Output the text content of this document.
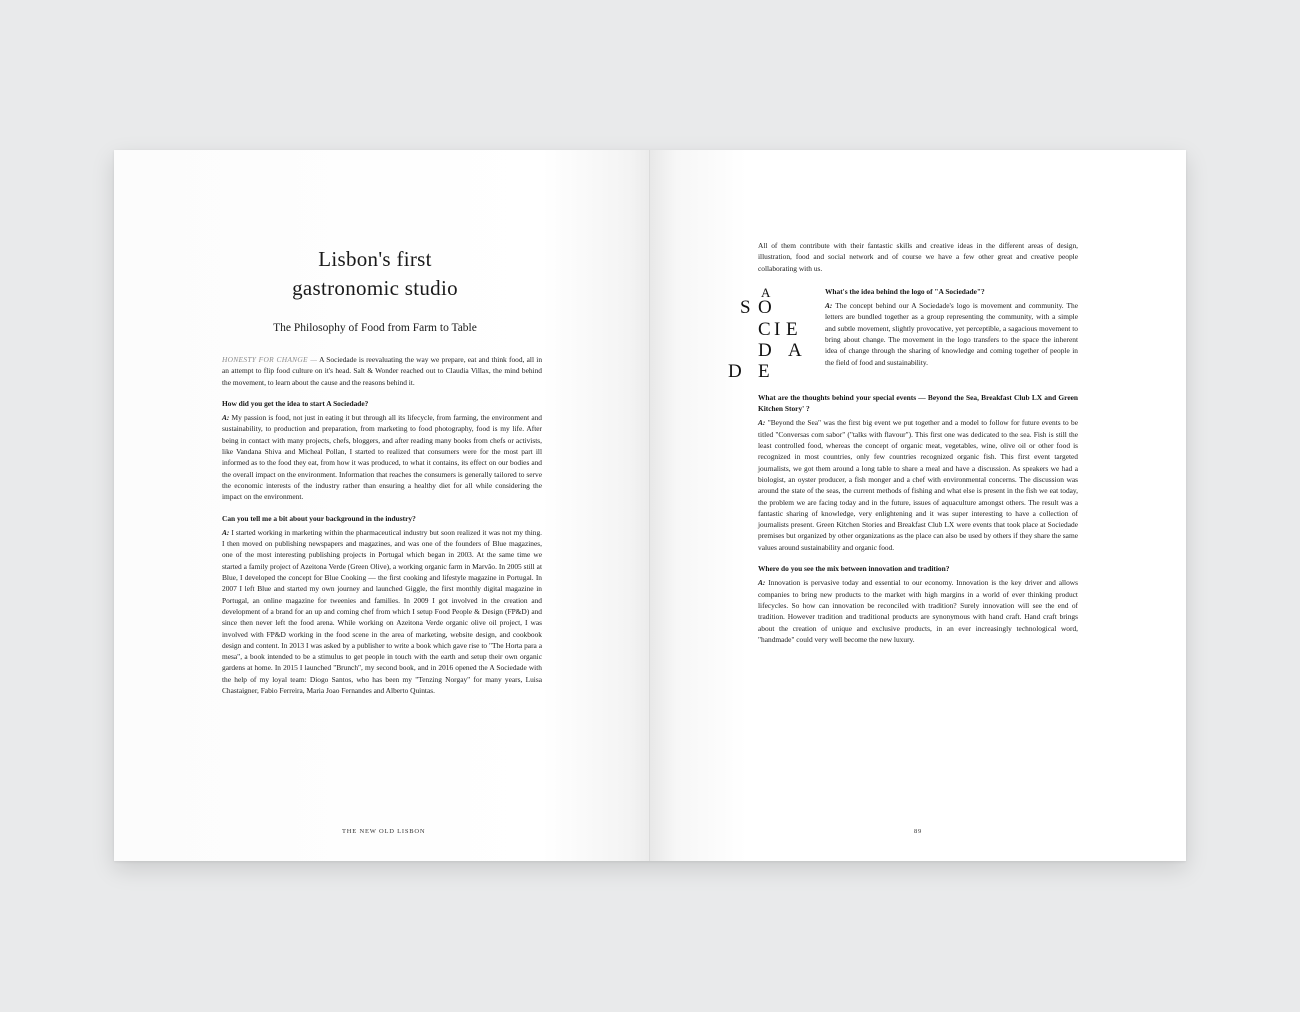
Lisbon's first
gastronomic studio
The Philosophy of Food from Farm to Table

HONESTY FOR CHANGE — A Sociedade is reevaluating the way we prepare, eat and think food, all in an attempt to flip food culture on it's head. Salt & Wonder reached out to Claudia Villax, the mind behind the movement, to learn about the cause and the reasons behind it.

How did you get the idea to start A Sociedade?

A: My passion is food, not just in eating it but through all its lifecycle, from farming, the environment and sustainability, to production and preparation, from marketing to food photography, food is my life. After being in contact with many projects, chefs, bloggers, and after reading many books from chefs or activists, like Vandana Shiva and Micheal Pollan, I started to realized that consumers were for the most part ill informed as to the food they eat, from how it was produced, to what it contains, its effect on our bodies and the overall impact on the environment. Information that reaches the consumers is generally tailored to serve the economic interests of the industry rather than ensuring a healthy diet for all while considering the impact on the environment.

Can you tell me a bit about your background in the industry?

A: I started working in marketing within the pharmaceutical industry but soon realized it was not my thing. I then moved on publishing newspapers and magazines, and was one of the founders of Blue magazines, one of the most interesting publishing projects in Portugal which began in 2003. At the same time we started a family project of Azeitona Verde (Green Olive), a working organic farm in Marvão. In 2005 still at Blue, I developed the concept for Blue Cooking — the first cooking and lifestyle magazine in Portugal. In 2007 I left Blue and started my own journey and launched Giggle, the first monthly digital magazine in Portugal, an online magazine for tweenies and families. In 2009 I got involved in the creation and development of a brand for an up and coming chef from which I setup Food People & Design (FP&D) and since then never left the food arena. While working on Azeitona Verde organic olive oil project, I was involved with FP&D working in the food scene in the area of marketing, website design, and cookbook design and content. In 2013 I was asked by a publisher to write a book which gave rise to "The Horta para a mesa", a book intended to be a stimulus to get people in touch with the earth and setup their own organic gardens at home. In 2015 I launched "Brunch", my second book, and in 2016 opened the A Sociedade with the help of my loyal team: Diogo Santos, who has been my "Tenzing Norgay" for many years, Luisa Chastaigner, Fabio Ferreira, Maria Joao Fernandes and Alberto Quintas.

THE NEW OLD LISBON

All of them contribute with their fantastic skills and creative ideas in the different areas of design, illustration, food and social network and of course we have a few other great and creative people collaborating with us.

A
S O
C I E
D A
D E

What's the idea behind the logo of "A Sociedade"?

A: The concept behind our A Sociedade's logo is movement and community. The letters are bundled together as a group representing the community, with a simple and subtle movement, slightly provocative, yet perceptible, a sagacious movement to bring about change. The movement in the logo transfers to the space the inherent idea of change through the sharing of knowledge and coming together of people in the field of food and sustainability.

What are the thoughts behind your special events — Beyond the Sea, Breakfast Club LX and Green Kitchen Story' ?

A: "Beyond the Sea" was the first big event we put together and a model to follow for future events to be titled "Conversas com sabor" ("talks with flavour"). This first one was dedicated to the sea. Fish is still the least controlled food, whereas the concept of organic meat, vegetables, wine, olive oil or other food is recognized in most countries, only few countries recognized organic fish. This first event targeted journalists, we got them around a long table to share a meal and have a discussion. As speakers we had a biologist, an oyster producer, a fish monger and a chef with environmental concerns. The discussion was around the state of the seas, the current methods of fishing and what else is present in the fish we eat today, the problem we are facing today and in the future, issues of aquaculture amongst others. The result was a fantastic sharing of knowledge, very enlightening and it was super interesting to have a collection of journalists present. Green Kitchen Stories and Breakfast Club LX were events that took place at Sociedade premises but organized by other organizations as the place can also be used by others if they share the same values around sustainability and organic food.

Where do you see the mix between innovation and tradition?

A: Innovation is pervasive today and essential to our economy. Innovation is the key driver and allows companies to bring new products to the market with high margins in a world of ever thinking product lifecycles. So how can innovation be reconciled with tradition? Surely innovation will see the end of tradition. However tradition and traditional products are synonymous with hand craft. Hand craft brings about the creation of unique and exclusive products, in an ever increasingly technological word, "handmade" could very well become the new luxury.

89
